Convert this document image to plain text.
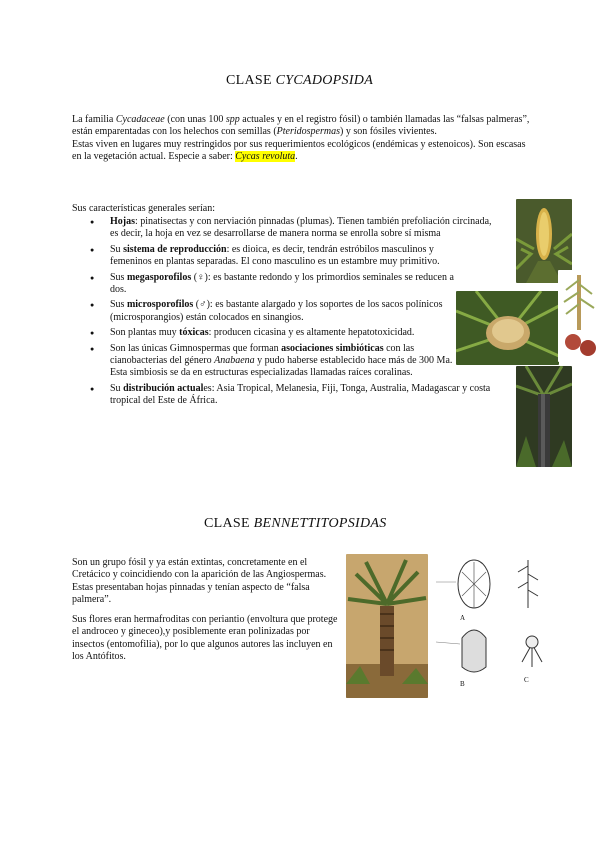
CLASE CYCADOPSIDA

La familia Cycadaceae (con unas 100 spp actuales y en el registro fósil) o también llamadas las “falsas palmeras”, están emparentadas con los helechos con semillas (Pteridospermas) y son fósiles vivientes.
Estas viven en lugares muy restringidos por sus requerimientos ecológicos (endémicas y estenoicos). Son escasas en la vegetación actual. Especie a saber: Cycas revoluta.

Sus características generales serían:

● Hojas: pinatisectas y con nerviación pinnadas (plumas). Tienen también prefoliación circinada, es decir, la hoja en vez se desarrollarse de manera norma se enrolla sobre sí misma
● Su sistema de reproducción: es dioica, es decir, tendrán estróbilos masculinos y femeninos en plantas separadas. El cono masculino es un estambre muy primitivo.
● Sus megasporofilos (♀): es bastante redondo y los primordios seminales se reducen a dos.
● Sus microsporofilos (♂): es bastante alargado y los soportes de los sacos polínicos (microsporangios) están colocados en sinangios.
● Son plantas muy tóxicas: producen cicasina y es altamente hepatotoxicidad.
● Son las únicas Gimnospermas que forman asociaciones simbióticas con las cianobacterias del género Anabaena y pudo haberse establecido hace más de 300 Ma. Esta simbiosis se da en estructuras especializadas llamadas raíces coralinas.
● Su distribución actuales: Asia Tropical, Melanesia, Fiji, Tonga, Australia, Madagascar y costa tropical del Este de África.
CLASE BENNETTITOPSIDAS

Son un grupo fósil y ya están extintas, concretamente en el Cretácico y coincidiendo con la aparición de las Angiospermas. Estas presentaban hojas pinnadas y tenían aspecto de “falsa palmera”.

Sus flores eran hermafroditas con periantio (envoltura que protege el androceo y gineceo),y posiblemente eran polinizadas por insectos (entomofilia), por lo que algunos autores las incluyen en los Antófitos.

A
B	C
